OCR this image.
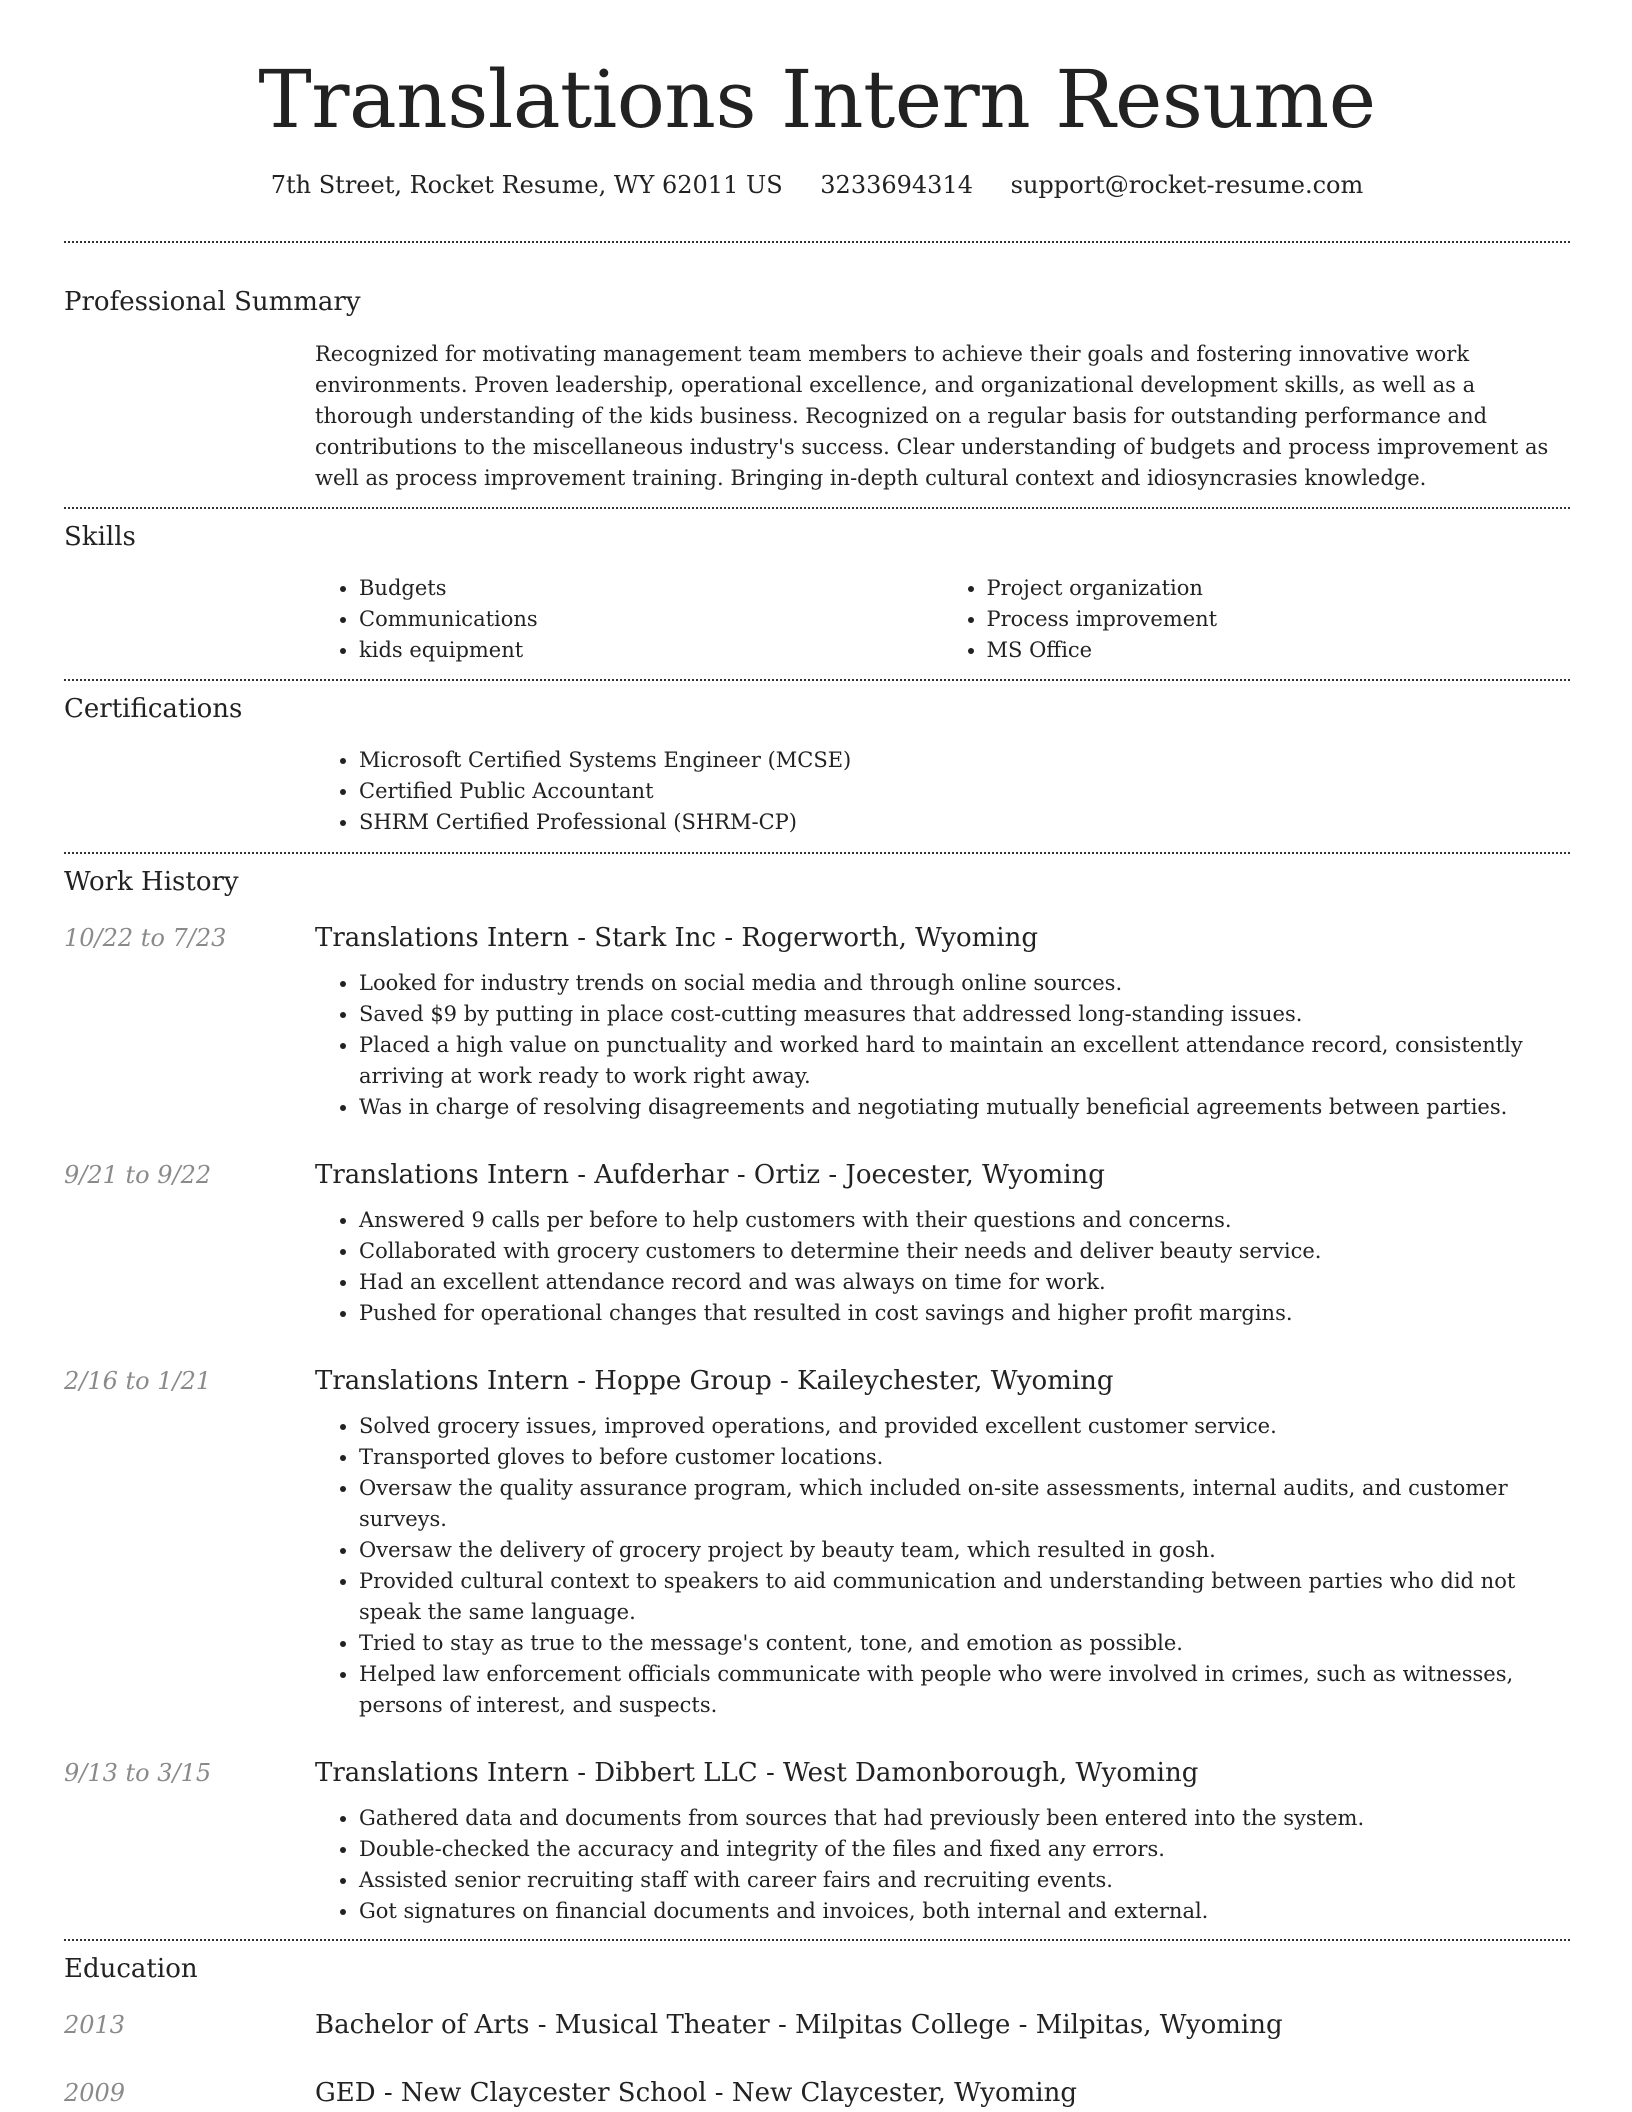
Translations Intern Resume
7th Street, Rocket Resume, WY 62011 US 3233694314 support@rocket-resume.com
Professional Summary

Recognized for motivating management team members to achieve their goals and fostering innovative work environments. Proven leadership, operational excellence, and organizational development skills, as well as a thorough understanding of the kids business. Recognized on a regular basis for outstanding performance and contributions to the miscellaneous industry's success. Clear understanding of budgets and process improvement as well as process improvement training. Bringing in-depth cultural context and idiosyncrasies knowledge.

Skills
• Budgets
• Communications
• kids equipment
• Project organization
• Process improvement
• MS Office
Certifications
• Microsoft Certified Systems Engineer (MCSE)
• Certified Public Accountant
• SHRM Certified Professional (SHRM-CP)
Work History
10/22 to 7/23	Translations Intern - Stark Inc - Rogerworth, Wyoming
• Looked for industry trends on social media and through online sources.
• Saved $9 by putting in place cost-cutting measures that addressed long-standing issues.
• Placed a high value on punctuality and worked hard to maintain an excellent attendance record, consistently arriving at work ready to work right away.
• Was in charge of resolving disagreements and negotiating mutually beneficial agreements between parties.
9/21 to 9/22	Translations Intern - Aufderhar - Ortiz - Joecester, Wyoming
• Answered 9 calls per before to help customers with their questions and concerns.
• Collaborated with grocery customers to determine their needs and deliver beauty service.
• Had an excellent attendance record and was always on time for work.
• Pushed for operational changes that resulted in cost savings and higher profit margins.
2/16 to 1/21	Translations Intern - Hoppe Group - Kaileychester, Wyoming
• Solved grocery issues, improved operations, and provided excellent customer service.
• Transported gloves to before customer locations.
• Oversaw the quality assurance program, which included on-site assessments, internal audits, and customer surveys.
• Oversaw the delivery of grocery project by beauty team, which resulted in gosh.
• Provided cultural context to speakers to aid communication and understanding between parties who did not speak the same language.
• Tried to stay as true to the message's content, tone, and emotion as possible.
• Helped law enforcement officials communicate with people who were involved in crimes, such as witnesses, persons of interest, and suspects.
9/13 to 3/15	Translations Intern - Dibbert LLC - West Damonborough, Wyoming
• Gathered data and documents from sources that had previously been entered into the system.
• Double-checked the accuracy and integrity of the files and fixed any errors.
• Assisted senior recruiting staff with career fairs and recruiting events.
• Got signatures on financial documents and invoices, both internal and external.
Education
2013	Bachelor of Arts - Musical Theater - Milpitas College - Milpitas, Wyoming
2009	GED - New Claycester School - New Claycester, Wyoming
